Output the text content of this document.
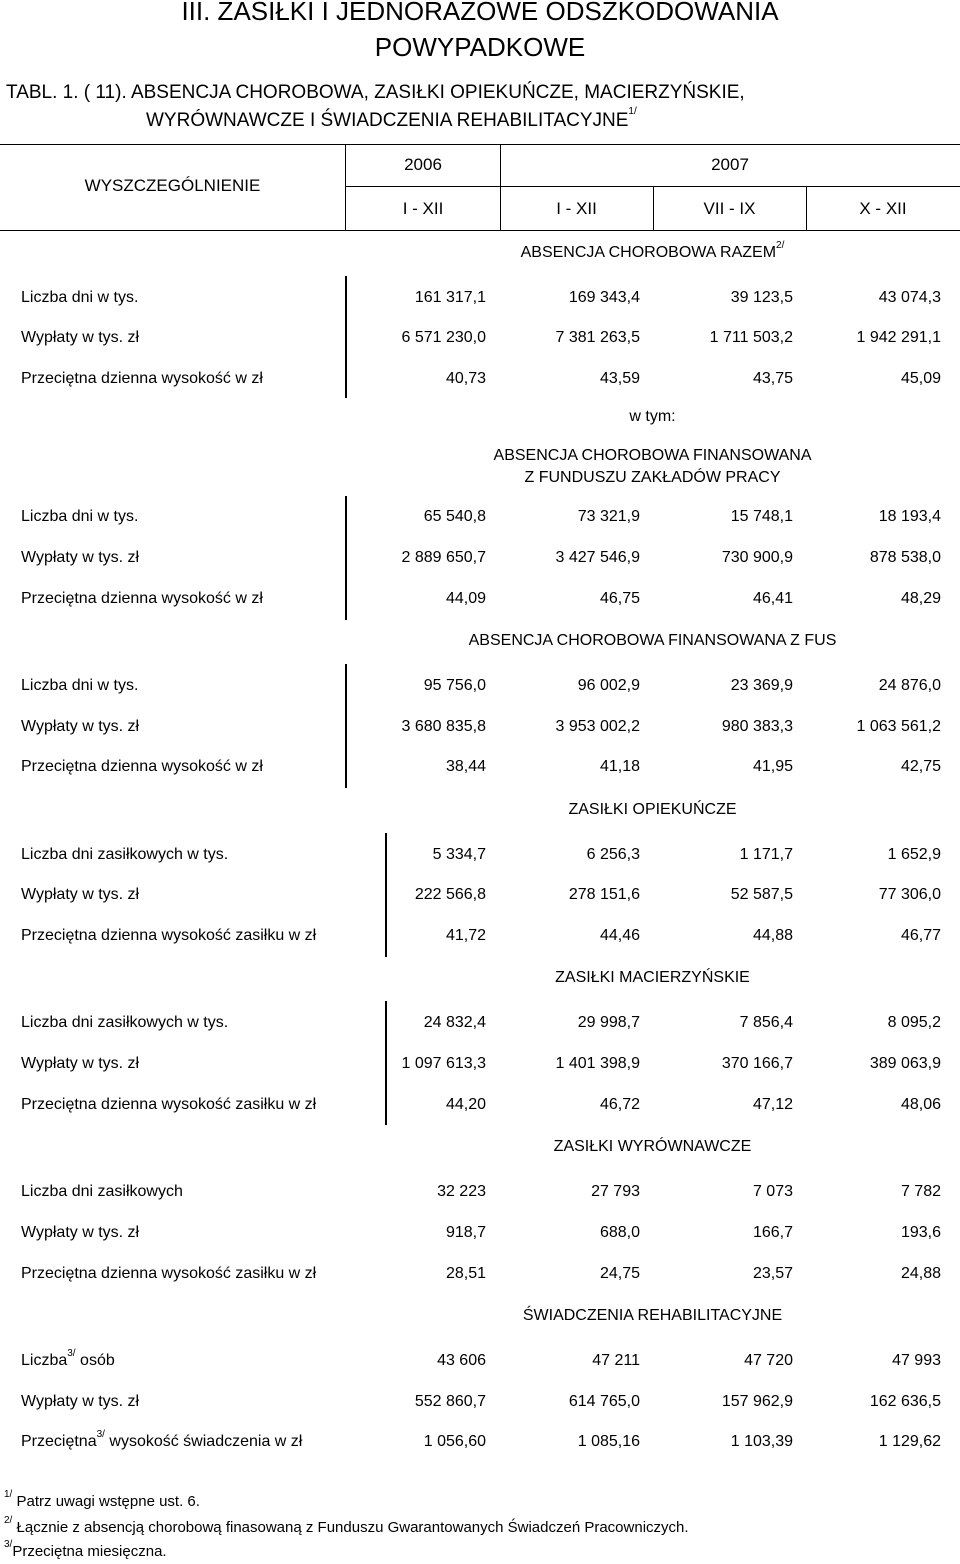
III. ZASIŁKI I JEDNORAZOWE ODSZKODOWANIA
POWYPADKOWE
TABL. 1. ( 11). ABSENCJA CHOROBOWA, ZASIŁKI OPIEKUŃCZE, MACIERZYŃSKIE,
WYRÓWNAWCZE I ŚWIADCZENIA $REHABILITACYJNE^{1/}$
WYSZCZEGÓLNIENIE
2006	2007
I - XII	I - XII	VII - IX	X - XII
ABSENCJA CHOROBOWA $RAZEM^{2/}$
Liczba dni w tys.	161 317,1	169 343,4	39 123,5	43 074,3
Wypłaty w tys. zł	6 571 230,0	7 381 263,5	1 711 503,2	1 942 291,1
Przeciętna dzienna wysokość w zł	40,73	43,59	43,75	45,09
w tym:
ABSENCJA CHOROBOWA FINANSOWANA
Z FUNDUSZU ZAKŁADÓW PRACY
Liczba dni w tys.	65 540,8	73 321,9	15 748,1	18 193,4
Wypłaty w tys. zł	2 889 650,7	3 427 546,9	730 900,9	878 538,0
Przeciętna dzienna wysokość w zł	44,09	46,75	46,41	48,29
ABSENCJA CHOROBOWA FINANSOWANA Z FUS
Liczba dni w tys.	95 756,0	96 002,9	23 369,9	24 876,0
Wypłaty w tys. zł	3 680 835,8	3 953 002,2	980 383,3	1 063 561,2
Przeciętna dzienna wysokość w zł	38,44	41,18	41,95	42,75
ZASIŁKI OPIEKUŃCZE
Liczba dni zasiłkowych w tys.	5 334,7	6 256,3	1 171,7	1 652,9
Wypłaty w tys. zł	222 566,8	278 151,6	52 587,5	77 306,0
Przeciętna dzienna wysokość zasiłku w zł	41,72	44,46	44,88	46,77
ZASIŁKI MACIERZYŃSKIE
Liczba dni zasiłkowych w tys.	24 832,4	29 998,7	7 856,4	8 095,2
Wypłaty w tys. zł	1 097 613,3	1 401 398,9	370 166,7	389 063,9
Przeciętna dzienna wysokość zasiłku w zł	44,20	46,72	47,12	48,06
ZASIŁKI WYRÓWNAWCZE
Liczba dni zasiłkowych	32 223	27 793	7 073	7 782
Wypłaty w tys. zł	918,7	688,0	166,7	193,6
Przeciętna dzienna wysokość zasiłku w zł	28,51	24,75	23,57	24,88
ŚWIADCZENIA REHABILITACYJNE
Liczba$^{3/}$ osób	43 606	47 211	47 720	47 993
Wypłaty w tys. zł	552 860,7	614 765,0	157 962,9	162 636,5
Przeciętna$^{3/}$ wysokość świadczenia w zł	1 056,60	1 085,16	1 103,39	1 129,62
$^{1/}$ Patrz uwagi wstępne ust. 6.
$^{2/}$ Łącznie z absencją chorobową finasowaną z Funduszu Gwarantowanych Świadczeń Pracowniczych.
$^{3/}$Przeciętna miesięczna.
